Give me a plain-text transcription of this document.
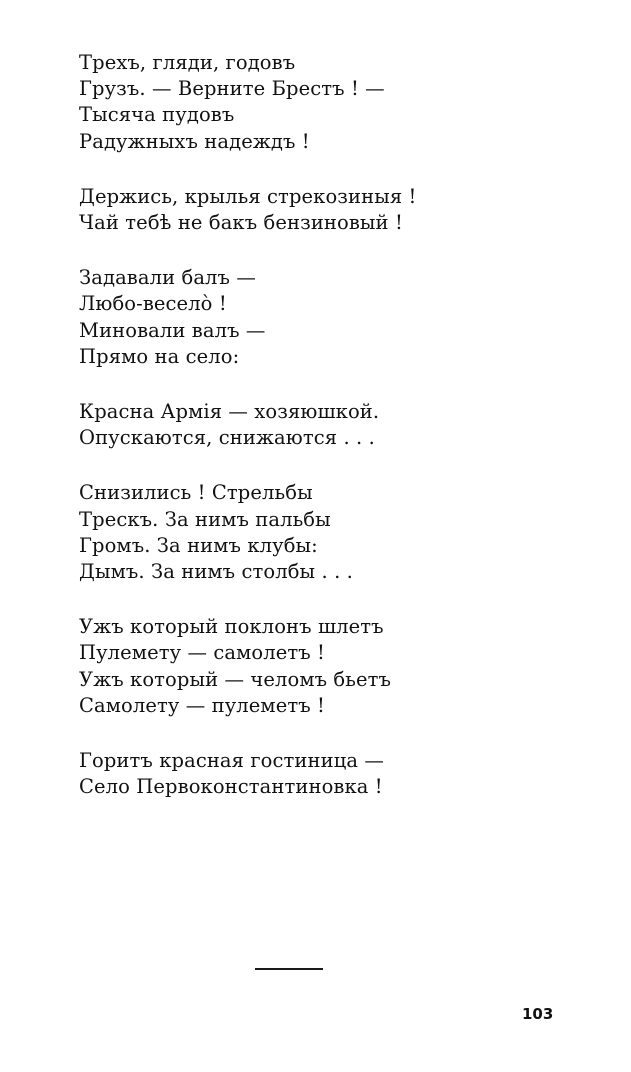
Трехъ, гляди, годовъ
Грузъ. — Верните Брестъ ! —
Тысяча пудовъ
Радужныхъ надеждъ !
Держись, крылья стрекозиныя !
Чай тебѣ не бакъ бензиновый !
Задавали балъ —
Любо-веселò !
Миновали валъ —
Прямо на село:
Красна Армія — хозяюшкой.
Опускаются, снижаются . . .
Снизились ! Стрельбы
Трескъ. За нимъ пальбы
Громъ. За нимъ клубы:
Дымъ. За нимъ столбы . . .
Ужъ который поклонъ шлетъ
Пулемету — самолетъ !
Ужъ который — челомъ бьетъ
Самолету — пулеметъ !
Горитъ красная гостиница —
Село Первоконстантиновка !
103
